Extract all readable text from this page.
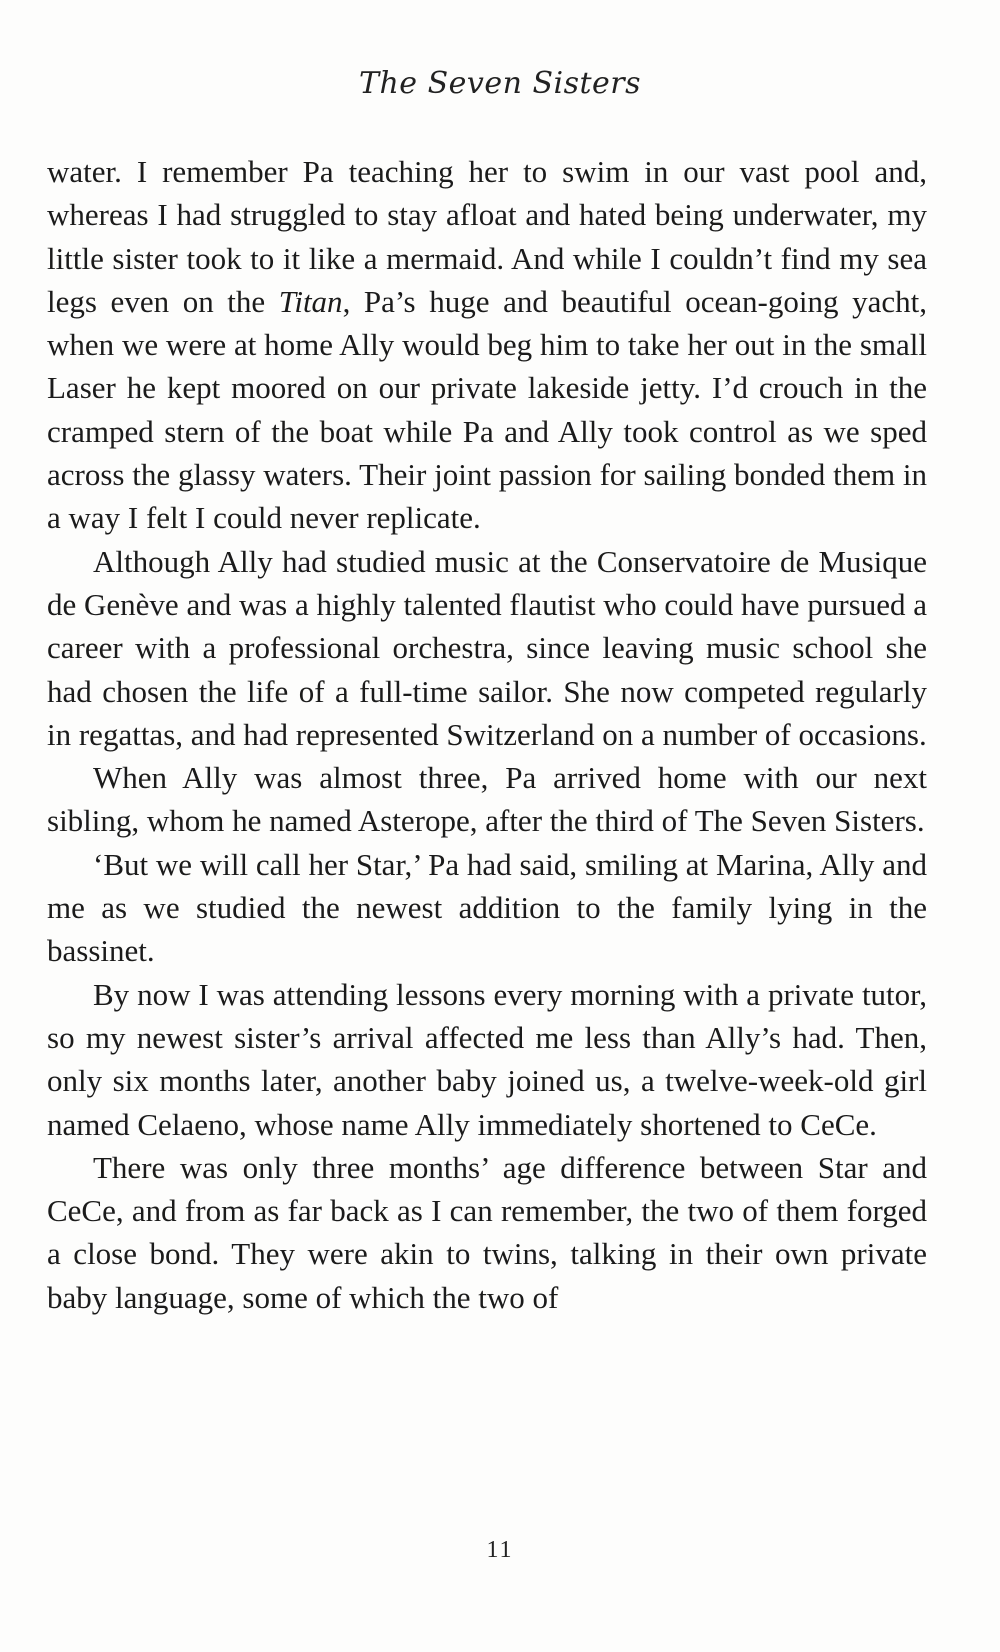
The Seven Sisters

water. I remember Pa teaching her to swim in our vast pool and, whereas I had struggled to stay afloat and hated being underwater, my little sister took to it like a mermaid. And while I couldn’t find my sea legs even on the Titan, Pa’s huge and beautiful ocean-going yacht, when we were at home Ally would beg him to take her out in the small Laser he kept moored on our private lakeside jetty. I’d crouch in the cramped stern of the boat while Pa and Ally took control as we sped across the glassy waters. Their joint passion for sailing bonded them in a way I felt I could never replicate.

Although Ally had studied music at the Conservatoire de Musique de Genève and was a highly talented flautist who could have pursued a career with a professional orchestra, since leaving music school she had chosen the life of a full-time sailor. She now competed regularly in regattas, and had represented Switzerland on a number of occasions.

When Ally was almost three, Pa arrived home with our next sibling, whom he named Asterope, after the third of The Seven Sisters.

‘But we will call her Star,’ Pa had said, smiling at Marina, Ally and me as we studied the newest addition to the family lying in the bassinet.

By now I was attending lessons every morning with a private tutor, so my newest sister’s arrival affected me less than Ally’s had. Then, only six months later, another baby joined us, a twelve-week-old girl named Celaeno, whose name Ally immediately shortened to CeCe.

There was only three months’ age difference between Star and CeCe, and from as far back as I can remember, the two of them forged a close bond. They were akin to twins, talking in their own private baby language, some of which the two of

11
